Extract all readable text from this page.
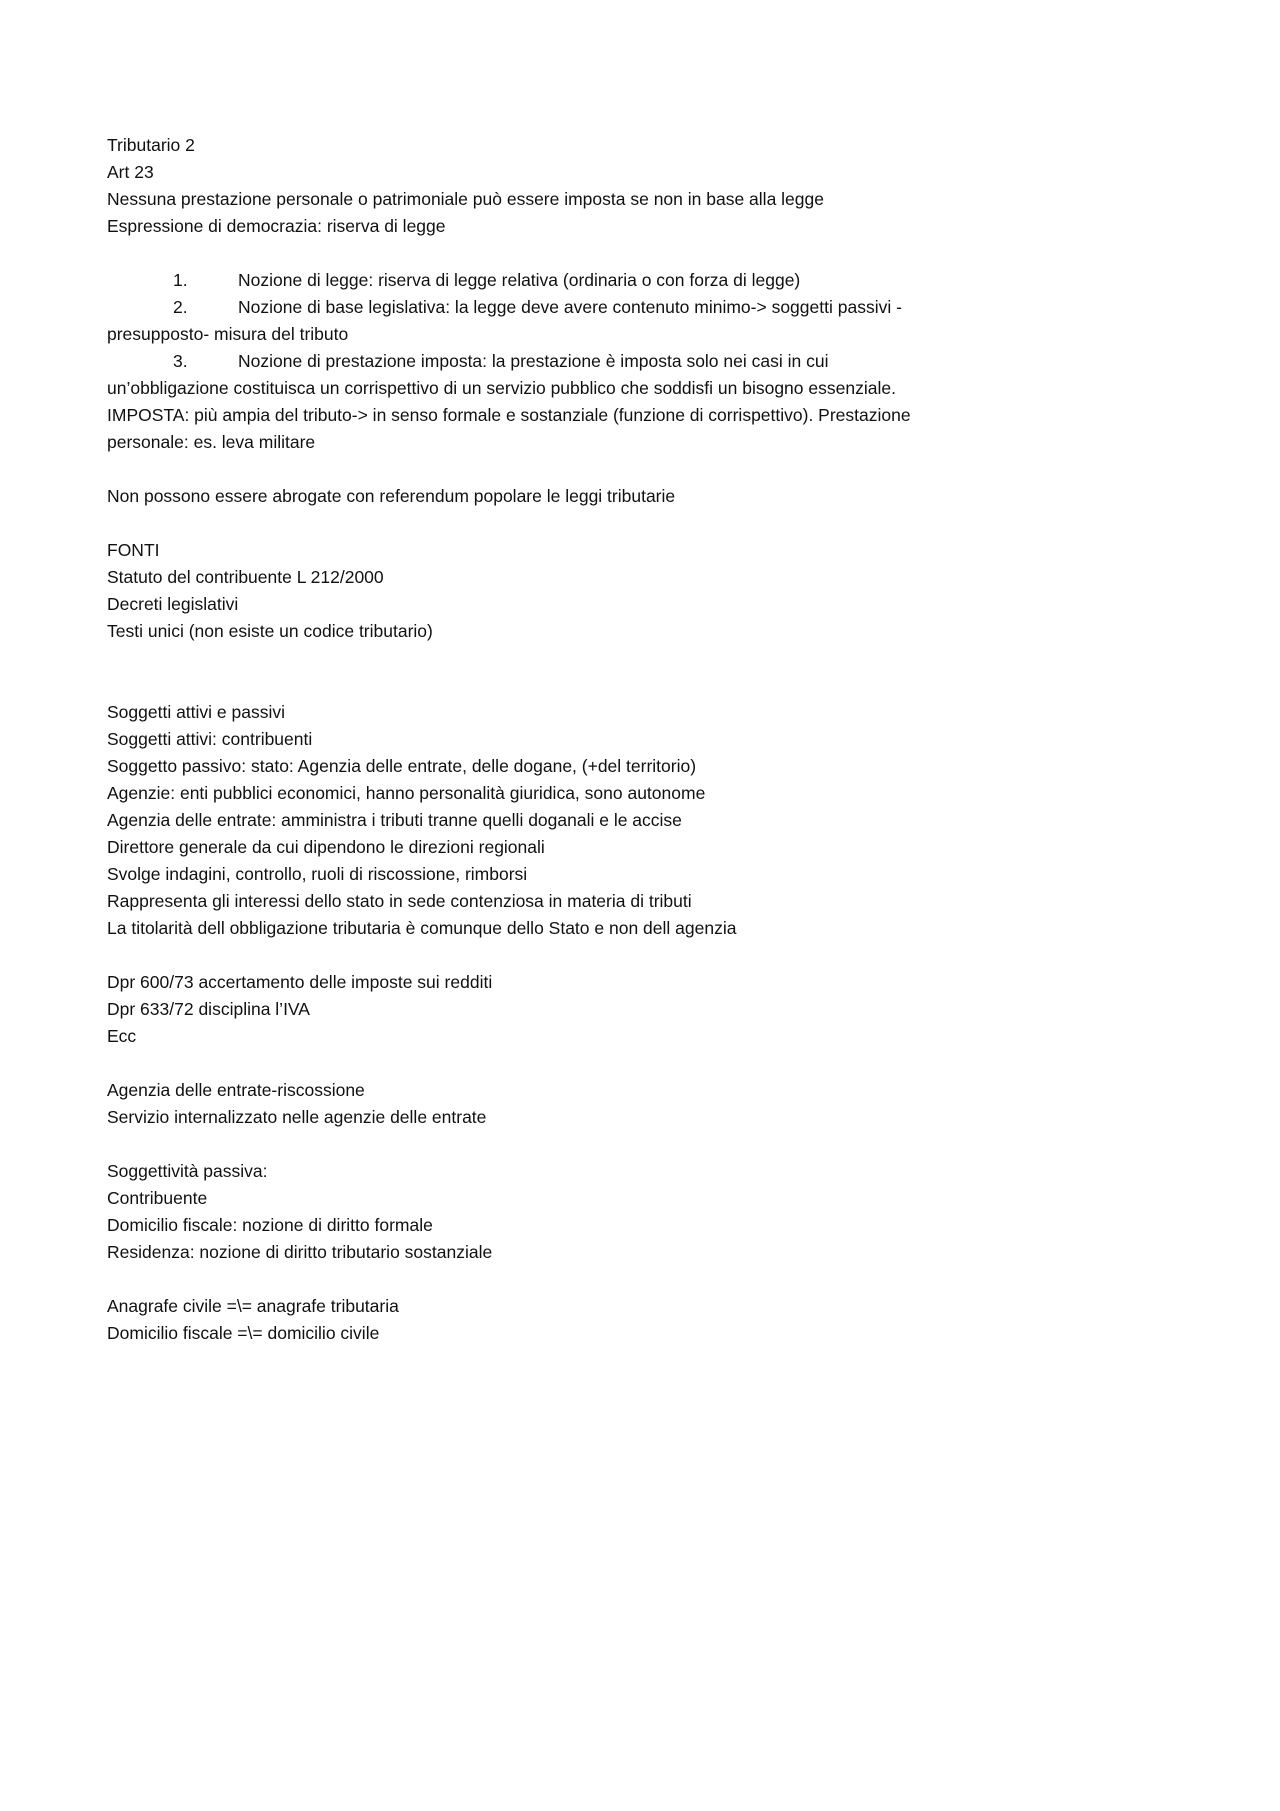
Tributario 2
Art 23
Nessuna prestazione personale o patrimoniale può essere imposta se non in base alla legge
Espressione di democrazia: riserva di legge
1.	Nozione di legge: riserva di legge relativa (ordinaria o con forza di legge)
2.	Nozione di base legislativa: la legge deve avere contenuto minimo-> soggetti passivi -
presupposto- misura del tributo
3.	Nozione di prestazione imposta: la prestazione è imposta solo nei casi in cui
un’obbligazione costituisca un corrispettivo di un servizio pubblico che soddisfi un bisogno essenziale.
IMPOSTA: più ampia del tributo-> in senso formale e sostanziale (funzione di corrispettivo). Prestazione
personale: es. leva militare
Non possono essere abrogate con referendum popolare le leggi tributarie
FONTI
Statuto del contribuente L 212/2000
Decreti legislativi
Testi unici (non esiste un codice tributario)
Soggetti attivi e passivi
Soggetti attivi: contribuenti
Soggetto passivo: stato: Agenzia delle entrate, delle dogane, (+del territorio)
Agenzie: enti pubblici economici, hanno personalità giuridica, sono autonome
Agenzia delle entrate: amministra i tributi tranne quelli doganali e le accise
Direttore generale da cui dipendono le direzioni regionali
Svolge indagini, controllo, ruoli di riscossione, rimborsi
Rappresenta gli interessi dello stato in sede contenziosa in materia di tributi
La titolarità dell obbligazione tributaria è comunque dello Stato e non dell agenzia
Dpr 600/73 accertamento delle imposte sui redditi
Dpr 633/72 disciplina l’IVA
Ecc
Agenzia delle entrate-riscossione
Servizio internalizzato nelle agenzie delle entrate
Soggettività passiva:
Contribuente
Domicilio fiscale: nozione di diritto formale
Residenza: nozione di diritto tributario sostanziale
Anagrafe civile =\= anagrafe tributaria
Domicilio fiscale =\= domicilio civile
